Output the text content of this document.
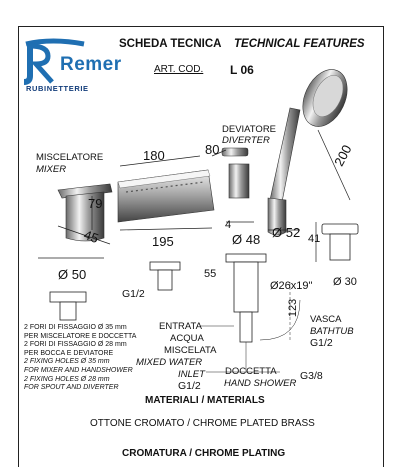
Remer
RUBINETTERIE
SCHEDA TECNICA TECHNICAL FEATURES
ART. COD. L 06
DEVIATORE
DIVERTER
MISCELATORE
MIXER
180	80	200
79
45	195
4
Ø 48 Ø 52 41
Ø 30
Ø 50	55
Ø26x19"
123
G1/2
VASCA
BATHTUB
G1/2
ENTRATA
ACQUA
MISCELATA
MIXED WATER
INLET
G1/2
DOCCETTA
HAND SHOWER
G3/8
2 FORI DI FISSAGGIO Ø 35 mm
PER MISCELATORE E DOCCETTA
2 FORI DI FISSAGGIO Ø 28 mm
PER BOCCA E DEVIATORE
2 FIXING HOLES Ø 35 mm
FOR MIXER AND HANDSHOWER
2 FIXING HOLES Ø 28 mm
FOR SPOUT AND DIVERTER
MATERIALI / MATERIALS
OTTONE CROMATO / CHROME PLATED BRASS
CROMATURA / CHROME PLATING
